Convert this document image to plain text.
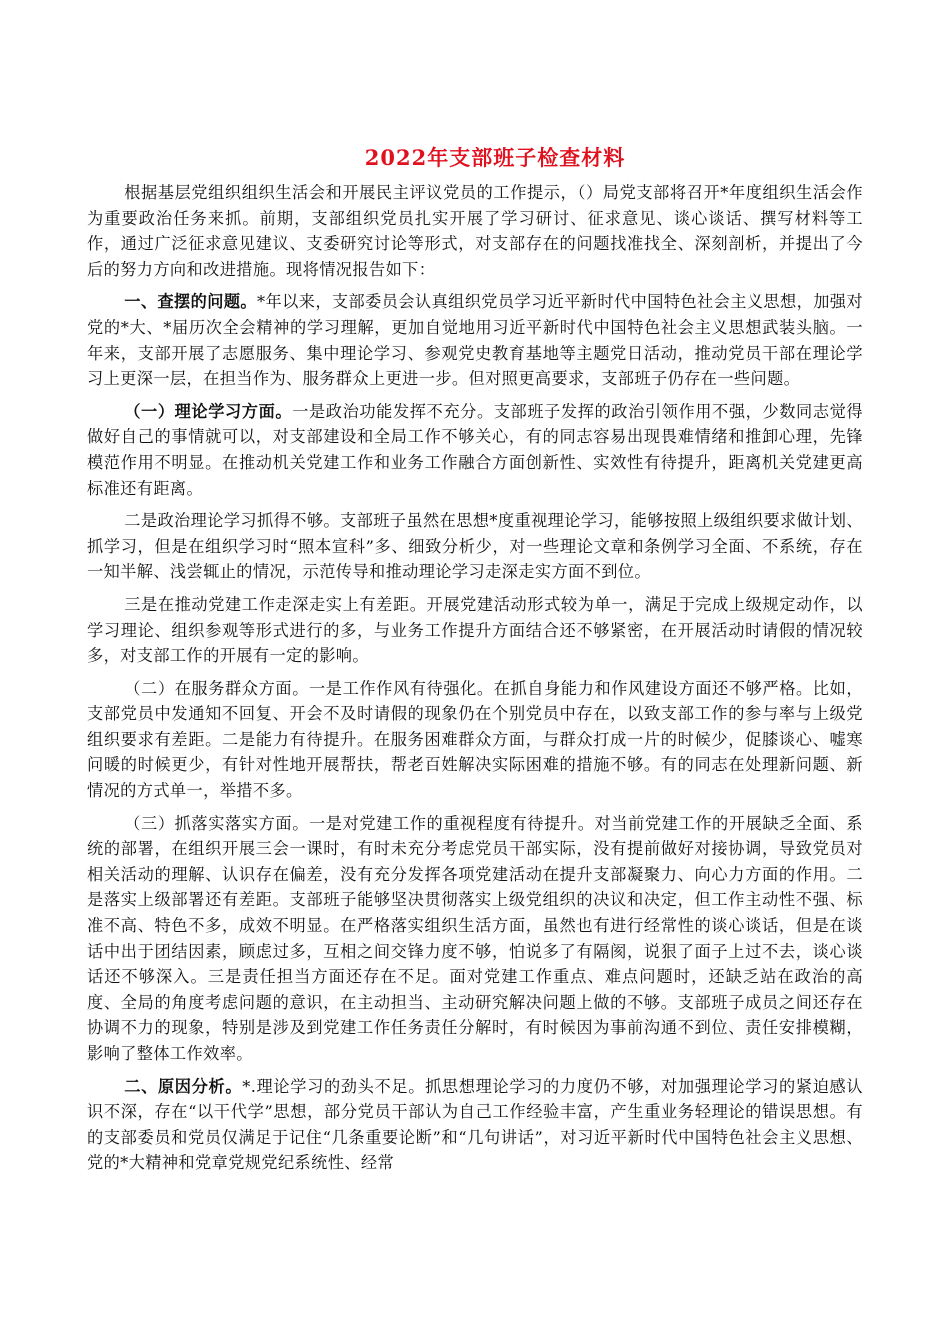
2022年支部班子检查材料

根据基层党组织组织生活会和开展民主评议党员的工作提示，（）局党支部将召开*年度组织生活会作为重要政治任务来抓。前期，支部组织党员扎实开展了学习研讨、征求意见、谈心谈话、撰写材料等工作，通过广泛征求意见建议、支委研究讨论等形式，对支部存在的问题找准找全、深刻剖析，并提出了今后的努力方向和改进措施。现将情况报告如下：

一、查摆的问题。*年以来，支部委员会认真组织党员学习近平新时代中国特色社会主义思想，加强对党的*大、*届历次全会精神的学习理解，更加自觉地用习近平新时代中国特色社会主义思想武装头脑。一年来，支部开展了志愿服务、集中理论学习、参观党史教育基地等主题党日活动，推动党员干部在理论学习上更深一层，在担当作为、服务群众上更进一步。但对照更高要求，支部班子仍存在一些问题。

（一）理论学习方面。一是政治功能发挥不充分。支部班子发挥的政治引领作用不强，少数同志觉得做好自己的事情就可以，对支部建设和全局工作不够关心，有的同志容易出现畏难情绪和推卸心理，先锋模范作用不明显。在推动机关党建工作和业务工作融合方面创新性、实效性有待提升，距离机关党建更高标准还有距离。

二是政治理论学习抓得不够。支部班子虽然在思想*度重视理论学习，能够按照上级组织要求做计划、抓学习，但是在组织学习时“照本宣科”多、细致分析少，对一些理论文章和条例学习全面、不系统，存在一知半解、浅尝辄止的情况，示范传导和推动理论学习走深走实方面不到位。

三是在推动党建工作走深走实上有差距。开展党建活动形式较为单一，满足于完成上级规定动作，以学习理论、组织参观等形式进行的多，与业务工作提升方面结合还不够紧密，在开展活动时请假的情况较多，对支部工作的开展有一定的影响。

（二）在服务群众方面。一是工作作风有待强化。在抓自身能力和作风建设方面还不够严格。比如，支部党员中发通知不回复、开会不及时请假的现象仍在个别党员中存在，以致支部工作的参与率与上级党组织要求有差距。二是能力有待提升。在服务困难群众方面，与群众打成一片的时候少，促膝谈心、嘘寒问暖的时候更少，有针对性地开展帮扶，帮老百姓解决实际困难的措施不够。有的同志在处理新问题、新情况的方式单一，举措不多。

（三）抓落实落实方面。一是对党建工作的重视程度有待提升。对当前党建工作的开展缺乏全面、系统的部署，在组织开展三会一课时，有时未充分考虑党员干部实际，没有提前做好对接协调，导致党员对相关活动的理解、认识存在偏差，没有充分发挥各项党建活动在提升支部凝聚力、向心力方面的作用。二是落实上级部署还有差距。支部班子能够坚决贯彻落实上级党组织的决议和决定，但工作主动性不强、标准不高、特色不多，成效不明显。在严格落实组织生活方面，虽然也有进行经常性的谈心谈话，但是在谈话中出于团结因素，顾虑过多，互相之间交锋力度不够，怕说多了有隔阂，说狠了面子上过不去，谈心谈话还不够深入。三是责任担当方面还存在不足。面对党建工作重点、难点问题时，还缺乏站在政治的高度、全局的角度考虑问题的意识，在主动担当、主动研究解决问题上做的不够。支部班子成员之间还存在协调不力的现象，特别是涉及到党建工作任务责任分解时，有时候因为事前沟通不到位、责任安排模糊，影响了整体工作效率。

二、原因分析。*.理论学习的劲头不足。抓思想理论学习的力度仍不够，对加强理论学习的紧迫感认识不深，存在“以干代学”思想，部分党员干部认为自己工作经验丰富，产生重业务轻理论的错误思想。有的支部委员和党员仅满足于记住“几条重要论断”和“几句讲话”，对习近平新时代中国特色社会主义思想、党的*大精神和党章党规党纪系统性、经常
